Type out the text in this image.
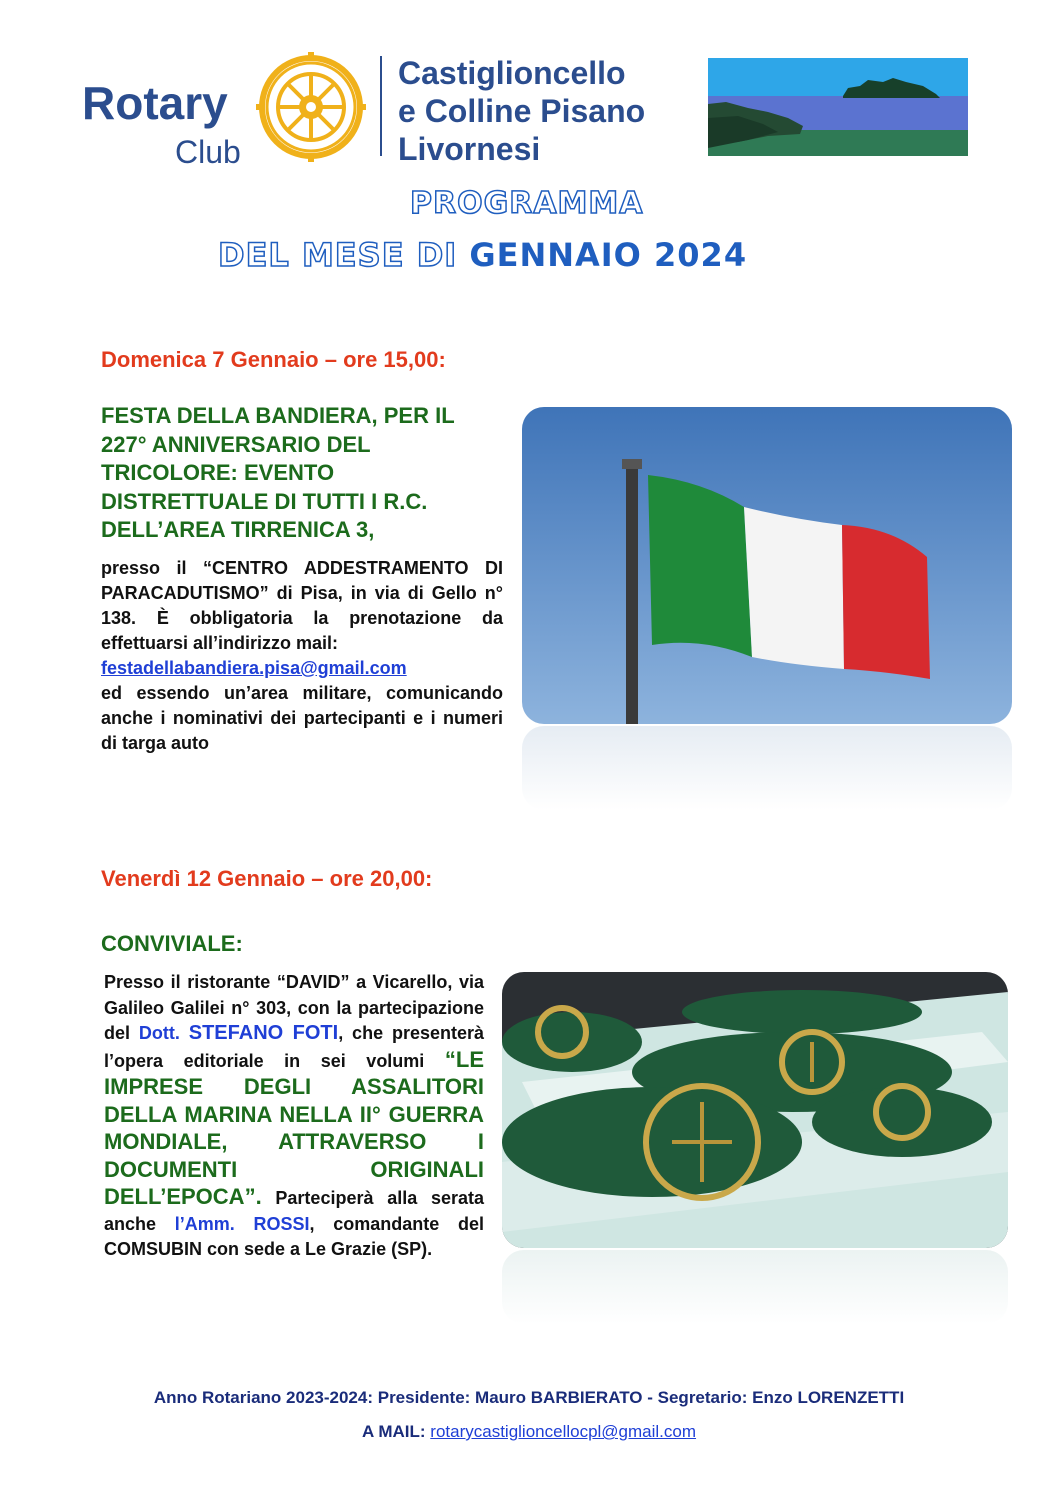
Rotary
Club
Castiglioncello
e Colline Pisano
Livornesi
PROGRAMMA
DEL MESE DI GENNAIO 2024
Domenica 7 Gennaio – ore 15,00:
FESTA DELLA BANDIERA, PER IL
227° ANNIVERSARIO DEL
TRICOLORE: EVENTO
DISTRETTUALE DI TUTTI I R.C.
DELL’AREA TIRRENICA 3,
presso il “CENTRO ADDESTRAMENTO DI PARACADUTISMO” di Pisa, in via di Gello n° 138. È obbligatoria la prenotazione da effettuarsi all’indirizzo mail:
festadellabandiera.pisa@gmail.com
ed essendo un’area militare, comunicando anche i nominativi dei partecipanti e i numeri di targa auto
Venerdì 12 Gennaio – ore 20,00:
CONVIVIALE:
Presso il ristorante “DAVID” a Vicarello, via Galileo Galilei n° 303, con la partecipazione del Dott. STEFANO FOTI, che presenterà l’opera editoriale in sei volumi “LE IMPRESE DEGLI ASSALITORI DELLA MARINA NELLA II° GUERRA MONDIALE, ATTRAVERSO I DOCUMENTI ORIGINALI DELL’EPOCA”. Parteciperà alla serata anche l’Amm. ROSSI, comandante del COMSUBIN con sede a Le Grazie (SP).
Anno Rotariano 2023-2024: Presidente: Mauro BARBIERATO - Segretario: Enzo LORENZETTI
A MAIL: rotarycastiglioncellocpl@gmail.com
